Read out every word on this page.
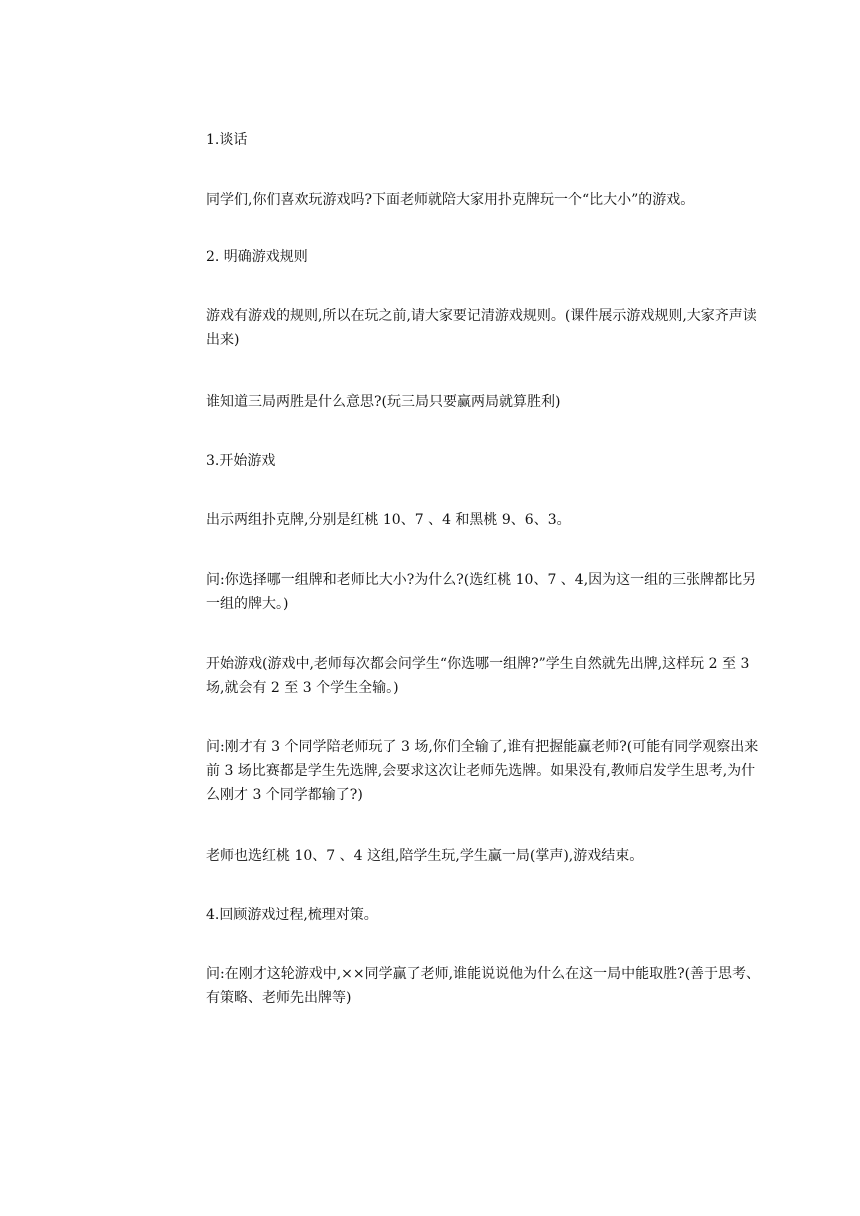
1.谈话

同学们,你们喜欢玩游戏吗?下面老师就陪大家用扑克牌玩一个“比大小”的游戏。

2. 明确游戏规则

游戏有游戏的规则,所以在玩之前,请大家要记清游戏规则。(课件展示游戏规则,大家齐声读出来)

谁知道三局两胜是什么意思?(玩三局只要赢两局就算胜利)

3.开始游戏

出示两组扑克牌,分别是红桃 10、7 、4 和黑桃 9、6、3。

问:你选择哪一组牌和老师比大小?为什么?(选红桃 10、7 、4,因为这一组的三张牌都比另一组的牌大。)

开始游戏(游戏中,老师每次都会问学生“你选哪一组牌?”学生自然就先出牌,这样玩 2 至 3 场,就会有 2 至 3 个学生全输。)

问:刚才有 3 个同学陪老师玩了 3 场,你们全输了,谁有把握能赢老师?(可能有同学观察出来前 3 场比赛都是学生先选牌,会要求这次让老师先选牌。如果没有,教师启发学生思考,为什么刚才 3 个同学都输了?)

老师也选红桃 10、7 、4 这组,陪学生玩,学生赢一局(掌声),游戏结束。

4.回顾游戏过程,梳理对策。

问:在刚才这轮游戏中,××同学赢了老师,谁能说说他为什么在这一局中能取胜?(善于思考、有策略、老师先出牌等)
